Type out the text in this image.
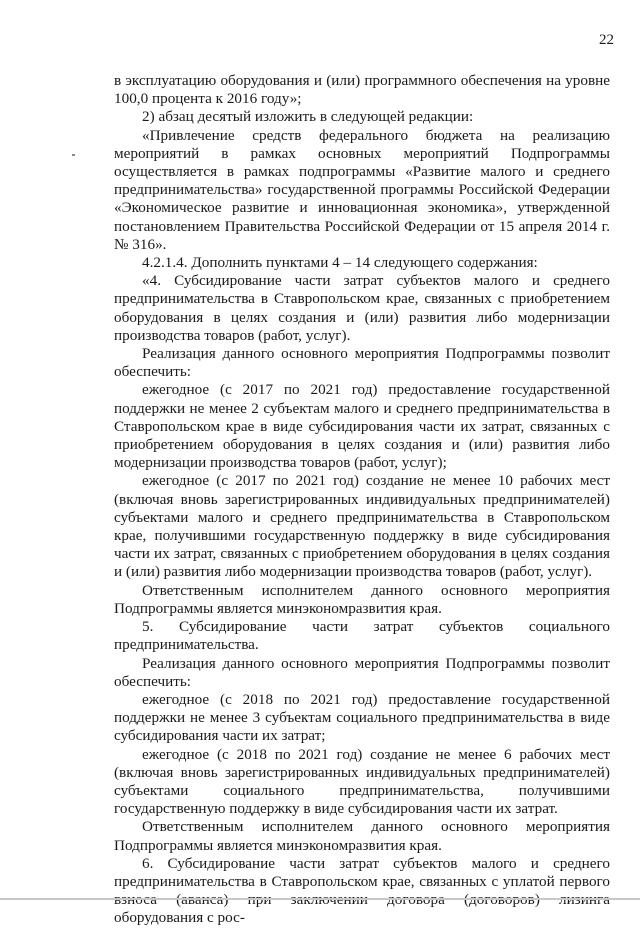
22

в эксплуатацию оборудования и (или) программного обеспечения на уровне 100,0 процента к 2016 году»;

2) абзац десятый изложить в следующей редакции:

«Привлечение средств федерального бюджета на реализацию мероприятий в рамках основных мероприятий Подпрограммы осуществляется в рамках подпрограммы «Развитие малого и среднего предпринимательства» государственной программы Российской Федерации «Экономическое развитие и инновационная экономика», утвержденной постановлением Правительства Российской Федерации от 15 апреля 2014 г. № 316».

4.2.1.4. Дополнить пунктами 4 – 14 следующего содержания:

«4. Субсидирование части затрат субъектов малого и среднего предпринимательства в Ставропольском крае, связанных с приобретением оборудования в целях создания и (или) развития либо модернизации производства товаров (работ, услуг).

Реализация данного основного мероприятия Подпрограммы позволит обеспечить:

ежегодное (с 2017 по 2021 год) предоставление государственной поддержки не менее 2 субъектам малого и среднего предпринимательства в Ставропольском крае в виде субсидирования части их затрат, связанных с приобретением оборудования в целях создания и (или) развития либо модернизации производства товаров (работ, услуг);

ежегодное (с 2017 по 2021 год) создание не менее 10 рабочих мест (включая вновь зарегистрированных индивидуальных предпринимателей) субъектами малого и среднего предпринимательства в Ставропольском крае, получившими государственную поддержку в виде субсидирования части их затрат, связанных с приобретением оборудования в целях создания и (или) развития либо модернизации производства товаров (работ, услуг).

Ответственным исполнителем данного основного мероприятия Подпрограммы является минэкономразвития края.

5. Субсидирование части затрат субъектов социального предпринимательства.

Реализация данного основного мероприятия Подпрограммы позволит обеспечить:

ежегодное (с 2018 по 2021 год) предоставление государственной поддержки не менее 3 субъектам социального предпринимательства в виде субсидирования части их затрат;

ежегодное (с 2018 по 2021 год) создание не менее 6 рабочих мест (включая вновь зарегистрированных индивидуальных предпринимателей) субъектами социального предпринимательства, получившими государственную поддержку в виде субсидирования части их затрат.

Ответственным исполнителем данного основного мероприятия Подпрограммы является минэкономразвития края.

6. Субсидирование части затрат субъектов малого и среднего предпринимательства в Ставропольском крае, связанных с уплатой первого оборудования с рос-
